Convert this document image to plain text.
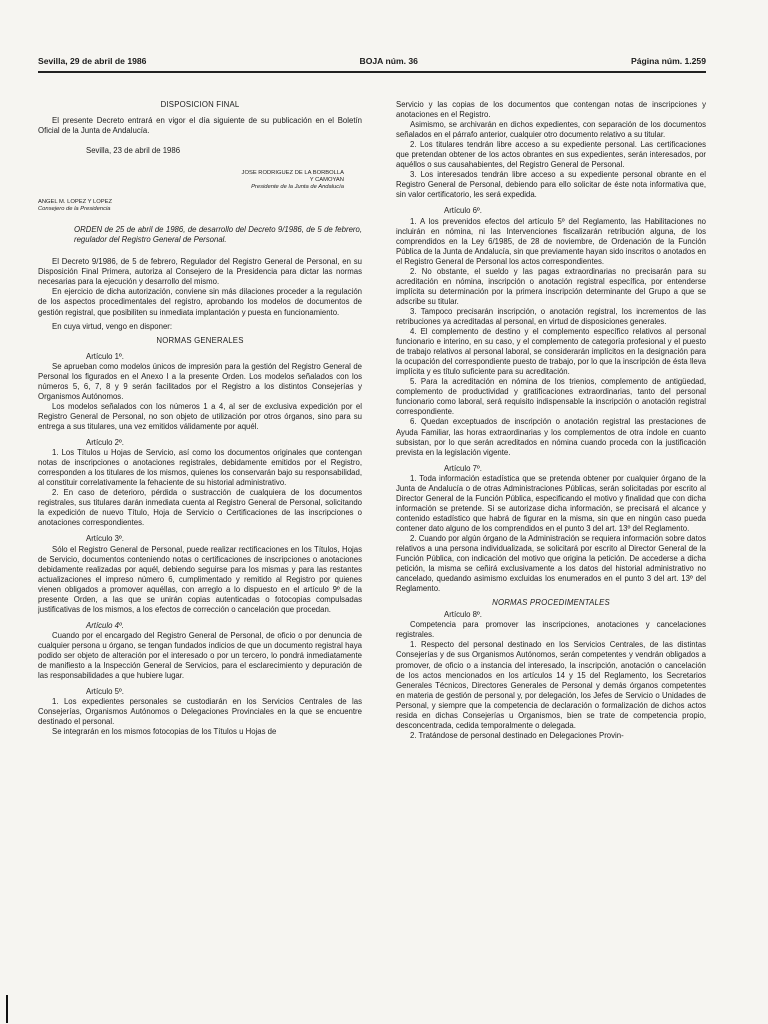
Sevilla, 29 de abril de 1986	BOJA núm. 36	Página núm. 1.259
DISPOSICION FINAL

El presente Decreto entrará en vigor el día siguiente de su publicación en el Boletín Oficial de la Junta de Andalucía.

Sevilla, 23 de abril de 1986
JOSE RODRIGUEZ DE LA BORBOLLA
Y CAMOYAN
Presidente de la Junta de Andalucía
ANGEL M. LOPEZ Y LOPEZ
Consejero de la Presidencia
ORDEN de 25 de abril de 1986, de desarrollo del Decreto 9/1986, de 5 de febrero, regulador del Registro General de Personal.

El Decreto 9/1986, de 5 de febrero, Regulador del Registro General de Personal, en su Disposición Final Primera, autoriza al Consejero de la Presidencia para dictar las normas necesarias para la ejecución y desarrollo del mismo.

En ejercicio de dicha autorización, conviene sin más dilaciones proceder a la regulación de los aspectos procedimentales del registro, aprobando los modelos de documentos de gestión registral, que posibiliten su inmediata implantación y puesta en funcionamiento.

En cuya virtud, vengo en disponer:

NORMAS GENERALES

Artículo 1º.

Se aprueban como modelos únicos de impresión para la gestión del Registro General de Personal los figurados en el Anexo I a la presente Orden. Los modelos señalados con los números 5, 6, 7, 8 y 9 serán facilitados por el Registro a los distintos Consejerías y Organismos Autónomos.

Los modelos señalados con los números 1 a 4, al ser de exclusiva expedición por el Registro General de Personal, no son objeto de utilización por otros órganos, sino para su entrega a sus titulares, una vez emitidos válidamente por aquél.

Artículo 2º.

1. Los Títulos u Hojas de Servicio, así como los documentos originales que contengan notas de inscripciones o anotaciones registrales, debidamente emitidos por el Registro, corresponden a los titulares de los mismos, quienes los conservarán bajo su responsabilidad, al constituir correlativamente la fehaciente de su historial administrativo.

2. En caso de deterioro, pérdida o sustracción de cualquiera de los documentos registrales, sus titulares darán inmediata cuenta al Registro General de Personal, solicitando la expedición de nuevo Título, Hoja de Servicio o Certificaciones de las inscripciones o anotaciones correspondientes.

Artículo 3º.

Sólo el Registro General de Personal, puede realizar rectificaciones en los Títulos, Hojas de Servicio, documentos conteniendo notas o certificaciones de inscripciones o anotaciones debidamente realizadas por aquél, debiendo seguirse para los mismas y para las restantes actualizaciones el impreso número 6, cumplimentado y remitido al Registro por quienes vienen obligados a promover aquéllas, con arreglo a lo dispuesto en el artículo 9º de la presente Orden, a las que se unirán copias autenticadas o fotocopias compulsadas justificativas de los mismos, a los efectos de corrección o cancelación que procedan.

Artículo 4º.

Cuando por el encargado del Registro General de Personal, de oficio o por denuncia de cualquier persona u órgano, se tengan fundados indicios de que un documento registral haya podido ser objeto de alteración por el interesado o por un tercero, lo pondrá inmediatamente de manifiesto a la Inspección General de Servicios, para el esclarecimiento y depuración de las responsabilidades a que hubiere lugar.

Artículo 5º.

1. Los expedientes personales se custodiarán en los Servicios Centrales de las Consejerías, Organismos Autónomos o Delegaciones Provinciales en la que se encuentre destinado el personal.

Se integrarán en los mismos fotocopias de los Títulos u Hojas de

Servicio y las copias de los documentos que contengan notas de inscripciones y anotaciones en el Registro.

Asimismo, se archivarán en dichos expedientes, con separación de los documentos señalados en el párrafo anterior, cualquier otro documento relativo a su titular.

2. Los titulares tendrán libre acceso a su expediente personal. Las certificaciones que pretendan obtener de los actos obrantes en sus expedientes, serán interesados, por aquéllos o sus causahabientes, del Registro General de Personal.

3. Los interesados tendrán libre acceso a su expediente personal obrante en el Registro General de Personal, debiendo para ello solicitar de éste nota informativa que, sin valor certificatorio, les será expedida.

Artículo 6º.

1. A los prevenidos efectos del artículo 5º del Reglamento, las Habilitaciones no incluirán en nómina, ni las Intervenciones fiscalizarán retribución alguna, de los comprendidos en la Ley 6/1985, de 28 de noviembre, de Ordenación de la Función Pública de la Junta de Andalucía, sin que previamente hayan sido inscritos o anotados en el Registro General de Personal los actos correspondientes.

2. No obstante, el sueldo y las pagas extraordinarias no precisarán para su acreditación en nómina, inscripción o anotación registral específica, por entenderse implícita su determinación por la primera inscripción determinante del Grupo a que se adscribe su titular.

3. Tampoco precisarán inscripción, o anotación registral, los incrementos de las retribuciones ya acreditadas al personal, en virtud de disposiciones generales.

4. El complemento de destino y el complemento específico relativos al personal funcionario e interino, en su caso, y el complemento de categoría profesional y el puesto de trabajo relativos al personal laboral, se considerarán implícitos en la designación para la ocupación del correspondiente puesto de trabajo, por lo que la inscripción de ésta lleva implícita y es título suficiente para su acreditación.

5. Para la acreditación en nómina de los trienios, complemento de antigüedad, complemento de productividad y gratificaciones extraordinarias, tanto del personal funcionario como laboral, será requisito indispensable la inscripción o anotación registral correspondiente.

6. Quedan exceptuados de inscripción o anotación registral las prestaciones de Ayuda Familiar, las horas extraordinarias y los complementos de otra índole en cuanto subsistan, por lo que serán acreditados en nómina cuando proceda con la justificación prevista en la legislación vigente.

Artículo 7º.

1. Toda información estadística que se pretenda obtener por cualquier órgano de la Junta de Andalucía o de otras Administraciones Públicas, serán solicitadas por escrito al Director General de la Función Pública, especificando el motivo y finalidad que con dicha información se pretende. Si se autorizase dicha información, se precisará el alcance y contenido estadístico que habrá de figurar en la misma, sin que en ningún caso pueda contener dato alguno de los comprendidos en el punto 3 del art. 13º del Reglamento.

2. Cuando por algún órgano de la Administración se requiera información sobre datos relativos a una persona individualizada, se solicitará por escrito al Director General de la Función Pública, con indicación del motivo que origina la petición. De accederse a dicha petición, la misma se ceñirá exclusivamente a los datos del historial administrativo no cancelado, quedando asimismo excluidas los enumerados en el punto 3 del art. 13º del Reglamento.

NORMAS PROCEDIMENTALES

Artículo 8º.

Competencia para promover las inscripciones, anotaciones y cancelaciones registrales.

1. Respecto del personal destinado en los Servicios Centrales, de las distintas Consejerías y de sus Organismos Autónomos, serán competentes y vendrán obligados a promover, de oficio o a instancia del interesado, la inscripción, anotación o cancelación de los actos mencionados en los artículos 14 y 15 del Reglamento, los Secretarios Generales Técnicos, Directores Generales de Personal y demás órganos competentes en materia de gestión de personal y, por delegación, los Jefes de Servicio o Unidades de Personal, y siempre que la competencia de declaración o formalización de dichos actos resida en dichas Consejerías u Organismos, bien se trate de competencia propio, desconcentrada, cedida temporalmente o delegada.

2. Tratándose de personal destinado en Delegaciones Provin-
